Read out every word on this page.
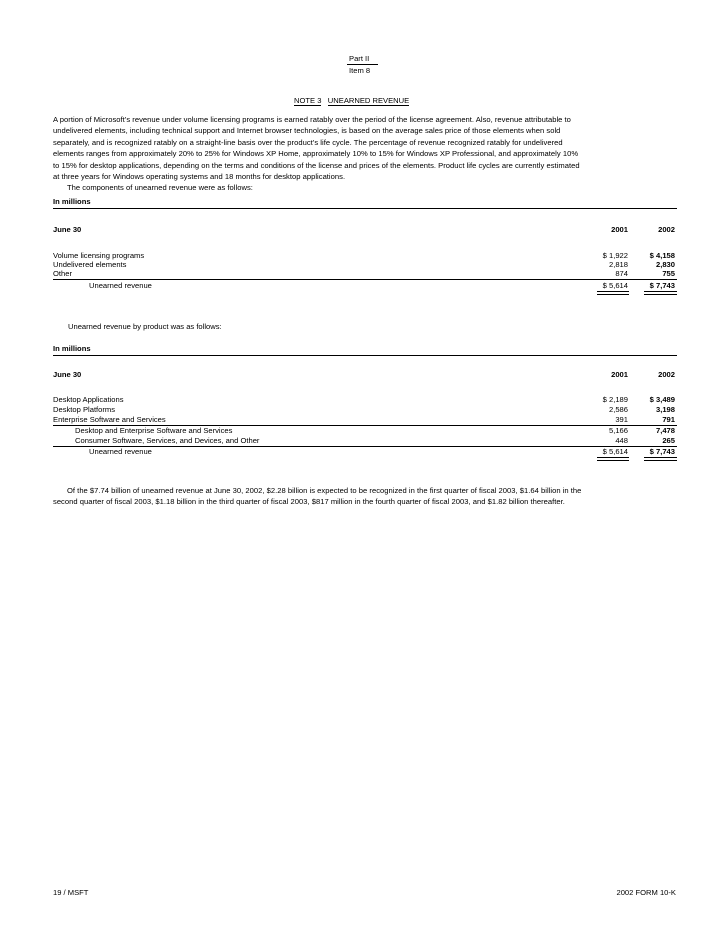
Part II
Item 8
NOTE 3 UNEARNED REVENUE

A portion of Microsoft’s revenue under volume licensing programs is earned ratably over the period of the license agreement. Also, revenue attributable to

undelivered elements, including technical support and Internet browser technologies, is based on the average sales price of those elements when sold

separately, and is recognized ratably on a straight-line basis over the product’s life cycle. The percentage of revenue recognized ratably for undelivered

elements ranges from approximately 20% to 25% for Windows XP Home, approximately 10% to 15% for Windows XP Professional, and approximately 10%

to 15% for desktop applications, depending on the terms and conditions of the license and prices of the elements. Product life cycles are currently estimated

at three years for Windows operating systems and 18 months for desktop applications.

The components of unearned revenue were as follows:

In millions
June 30	2001	2002
Volume licensing programs	$ 1,922	$ 4,158
Undelivered elements	2,818	2,830
Other	874	755
Unearned revenue	$ 5,614	$ 7,743
Unearned revenue by product was as follows:
In millions
June 30	2001	2002
Desktop Applications	$ 2,189	$ 3,489
Desktop Platforms	2,586	3,198
Enterprise Software and Services	391	791
Desktop and Enterprise Software and Services	5,166	7,478
Consumer Software, Services, and Devices, and Other	448	265
Unearned revenue	$ 5,614	$ 7,743

Of the $7.74 billion of unearned revenue at June 30, 2002, $2.28 billion is expected to be recognized in the first quarter of fiscal 2003, $1.64 billion in the

second quarter of fiscal 2003, $1.18 billion in the third quarter of fiscal 2003, $817 million in the fourth quarter of fiscal 2003, and $1.82 billion thereafter.

19 / MSFT	2002 FORM 10-K
